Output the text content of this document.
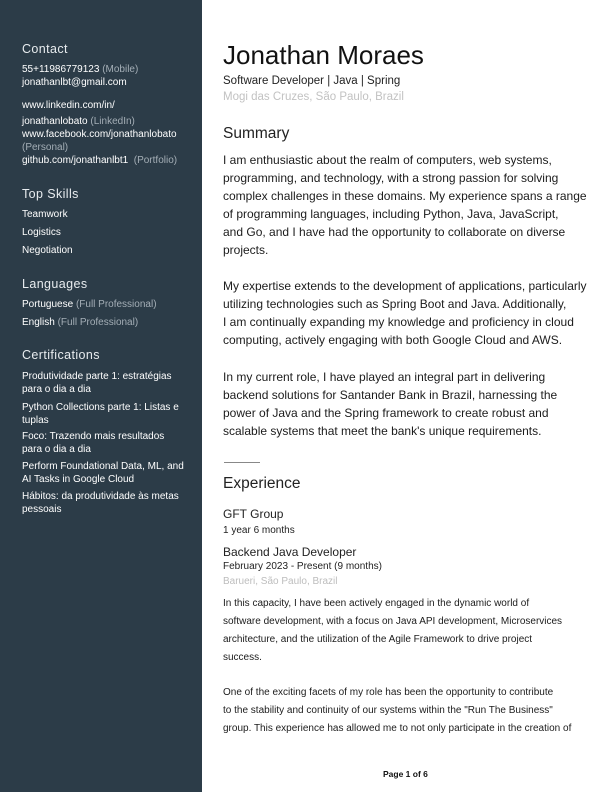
Contact
55+11986779123 (Mobile)
jonathanlbt@gmail.com
www.linkedin.com/in/
jonathanlobato (LinkedIn)
www.facebook.com/jonathanlobato
(Personal)
github.com/jonathanlbt1 (Portfolio)
Top Skills
Teamwork
Logistics
Negotiation
Languages
Portuguese (Full Professional)
English (Full Professional)
Certifications
Produtividade parte 1: estratégias
para o dia a dia
Python Collections parte 1: Listas e
tuplas
Foco: Trazendo mais resultados
para o dia a dia
Perform Foundational Data, ML, and
AI Tasks in Google Cloud
Hábitos: da produtividade às metas
pessoais
Jonathan Moraes
Software Developer | Java | Spring
Mogi das Cruzes, São Paulo, Brazil
Summary
I am enthusiastic about the realm of computers, web systems,
programming, and technology, with a strong passion for solving
complex challenges in these domains. My experience spans a range
of programming languages, including Python, Java, JavaScript,
and Go, and I have had the opportunity to collaborate on diverse
projects.
My expertise extends to the development of applications, particularly
utilizing technologies such as Spring Boot and Java. Additionally,
I am continually expanding my knowledge and proficiency in cloud
computing, actively engaging with both Google Cloud and AWS.
In my current role, I have played an integral part in delivering
backend solutions for Santander Bank in Brazil, harnessing the
power of Java and the Spring framework to create robust and
scalable systems that meet the bank's unique requirements.
Experience
GFT Group
1 year 6 months
Backend Java Developer
February 2023 - Present (9 months)
Barueri, São Paulo, Brazil
In this capacity, I have been actively engaged in the dynamic world of
software development, with a focus on Java API development, Microservices
architecture, and the utilization of the Agile Framework to drive project
success.
One of the exciting facets of my role has been the opportunity to contribute
to the stability and continuity of our systems within the "Run The Business"
group. This experience has allowed me to not only participate in the creation of
Page 1 of 6
